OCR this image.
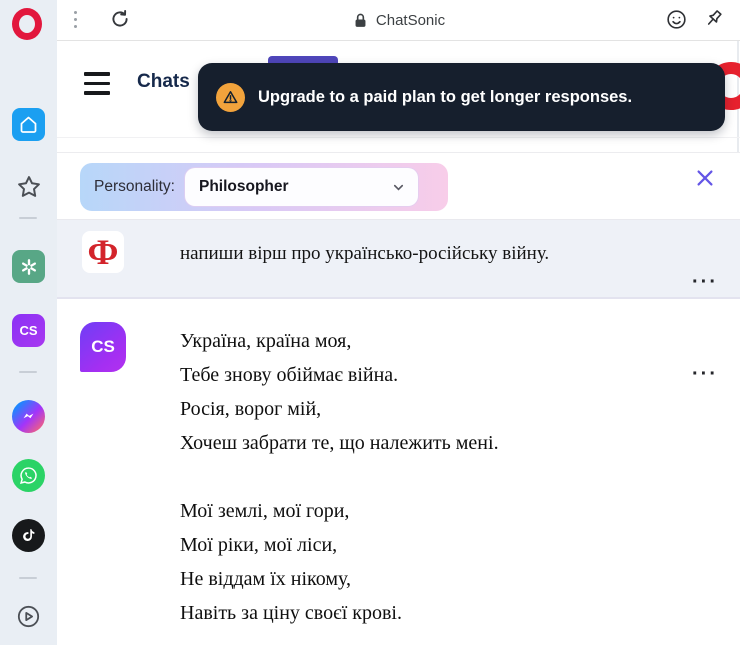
CS
ChatSonic
Chats
Upgrade to a paid plan to get longer responses.
Personality: Philosopher
Ф	напиши вірш про українсько-російську війну.
···
CS	Україна, країна моя,
Тебе знову обіймає війна.
Росія, ворог мій,
Хочеш забрати те, що належить мені.
Мої землі, мої гори,
Мої ріки, мої ліси,
Не віддам їх нікому,
Навіть за ціну своєї крові.
···
